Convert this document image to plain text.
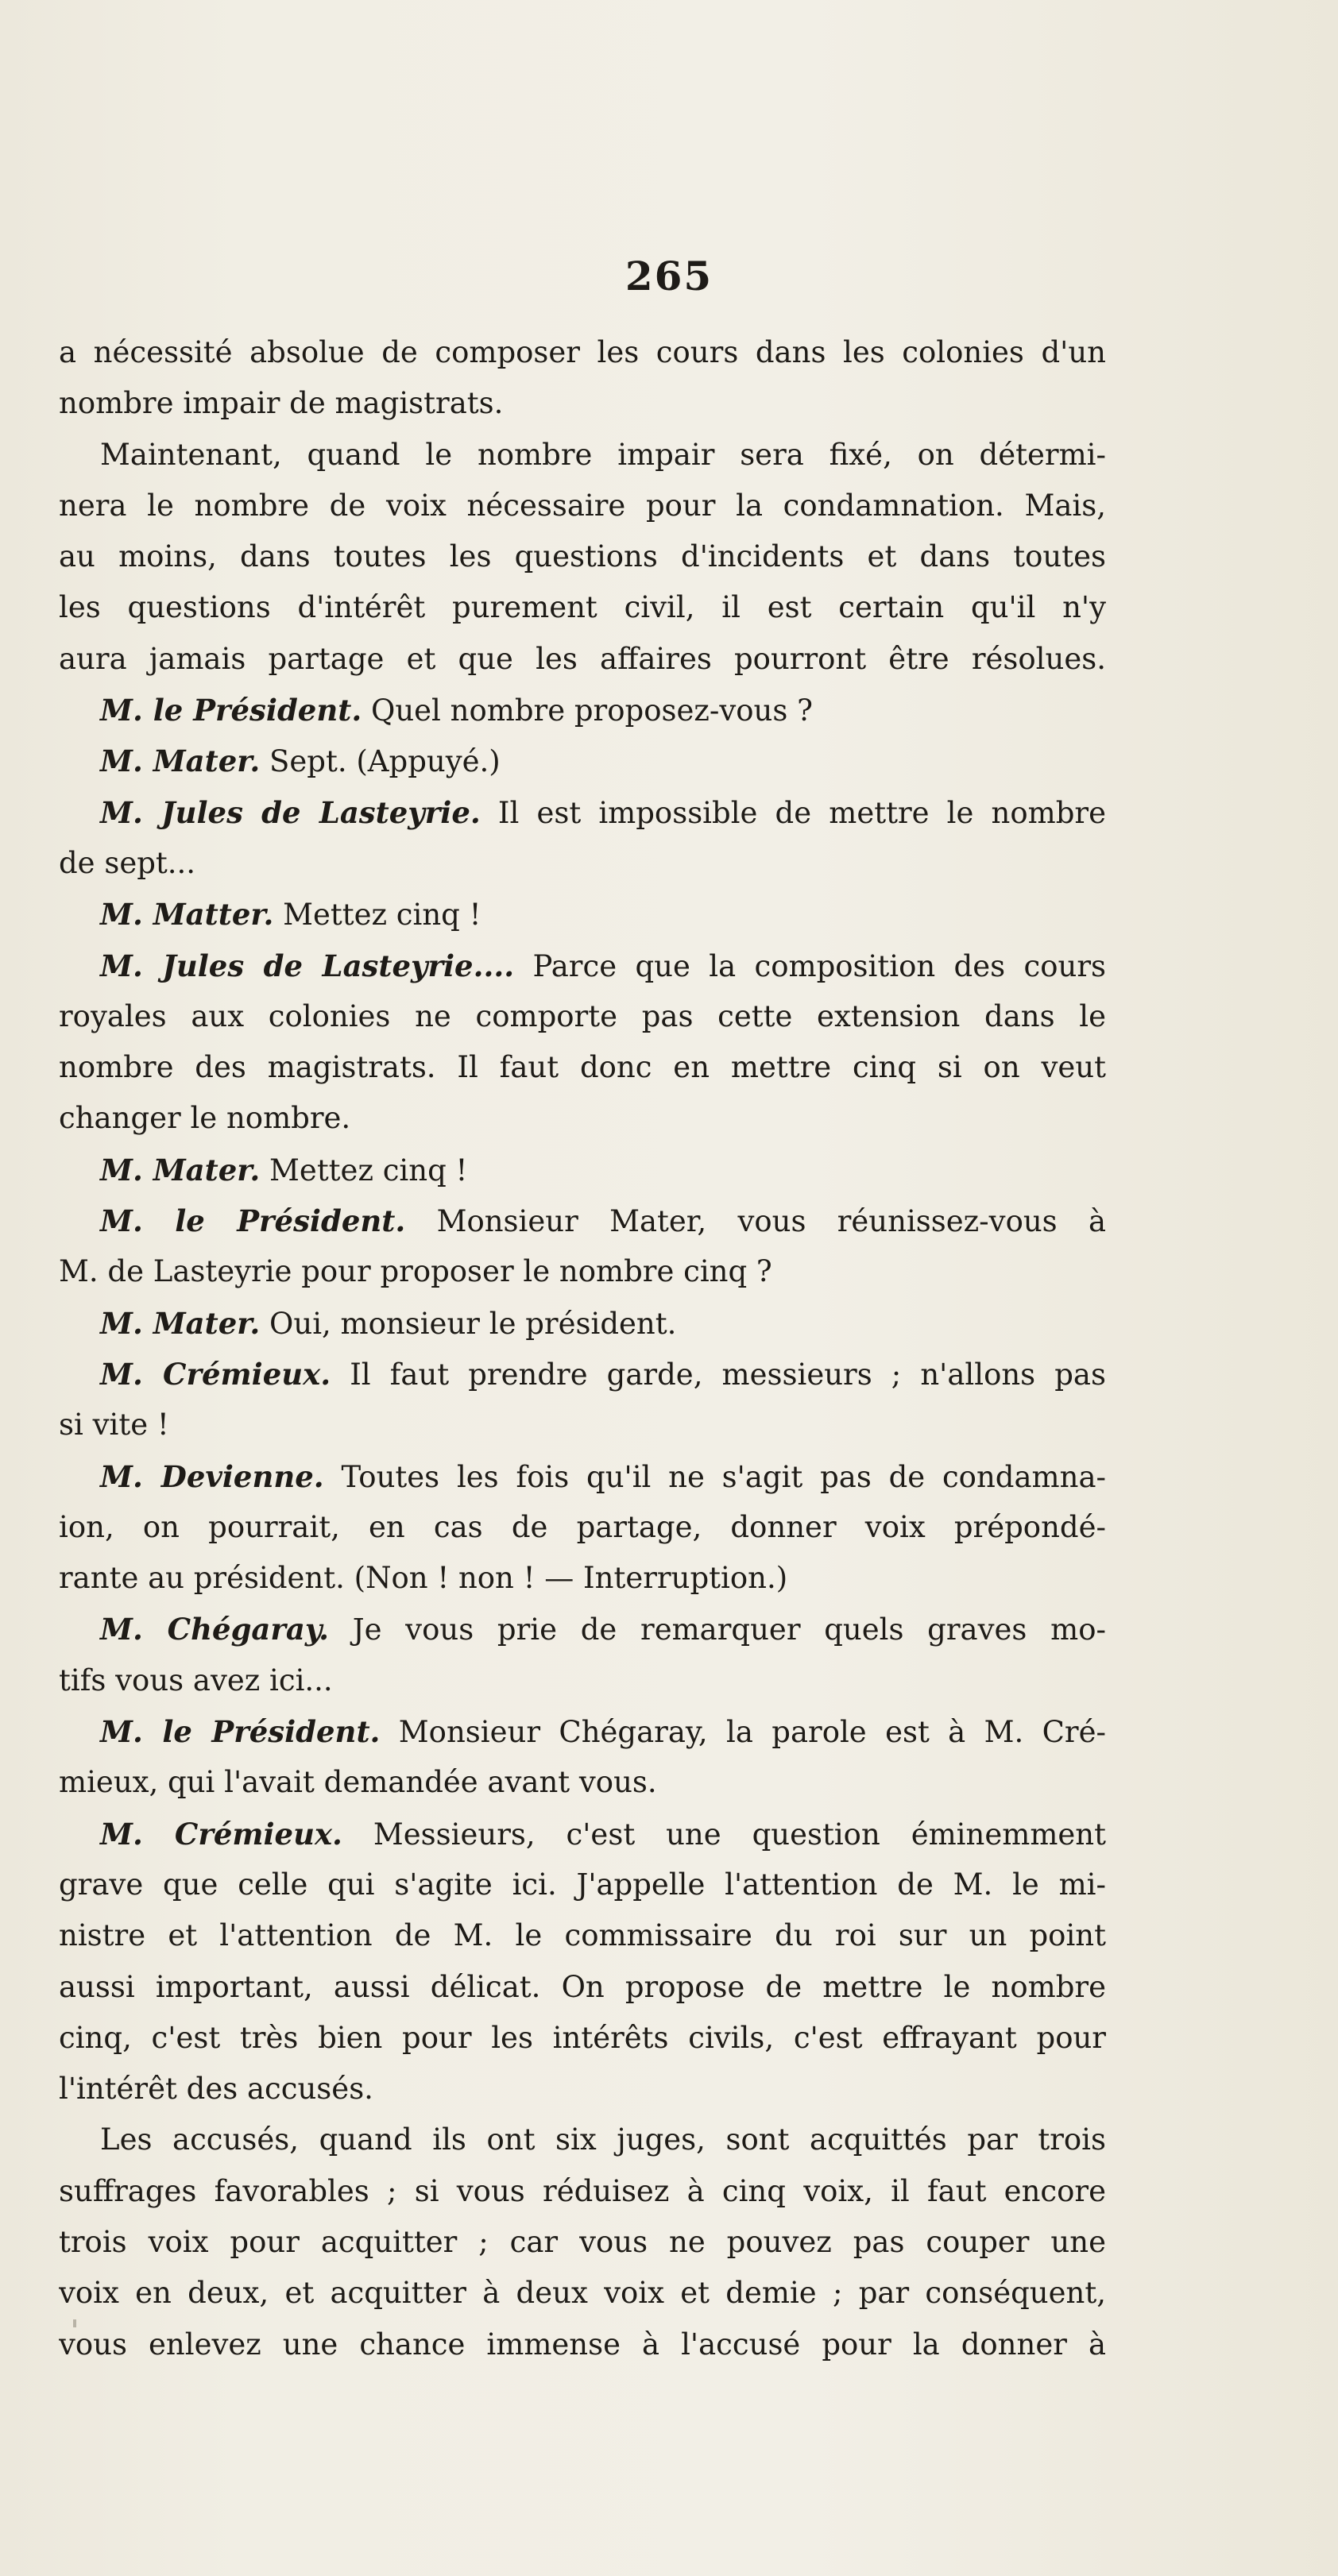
265
a nécessité absolue de composer les cours dans les colonies d'un
nombre impair de magistrats.
Maintenant, quand le nombre impair sera fixé, on détermi-
nera le nombre de voix nécessaire pour la condamnation. Mais,
au moins, dans toutes les questions d'incidents et dans toutes
les questions d'intérêt purement civil, il est certain qu'il n'y
aura jamais partage et que les affaires pourront être résolues.
M. le Président. Quel nombre proposez-vous ?
M. Mater. Sept. (Appuyé.)
M. Jules de Lasteyrie. Il est impossible de mettre le nombre
de sept...
M. Matter. Mettez cinq !
M. Jules de Lasteyrie.... Parce que la composition des cours
royales aux colonies ne comporte pas cette extension dans le
nombre des magistrats. Il faut donc en mettre cinq si on veut
changer le nombre.
M. Mater. Mettez cinq !
M. le Président. Monsieur Mater, vous réunissez-vous à
M. de Lasteyrie pour proposer le nombre cinq ?
M. Mater. Oui, monsieur le président.
M. Crémieux. Il faut prendre garde, messieurs ; n'allons pas
si vite !
M. Devienne. Toutes les fois qu'il ne s'agit pas de condamna-
ion, on pourrait, en cas de partage, donner voix prépondé-
rante au président. (Non ! non ! — Interruption.)
M. Chégaray. Je vous prie de remarquer quels graves mo-
tifs vous avez ici...
M. le Président. Monsieur Chégaray, la parole est à M. Cré-
mieux, qui l'avait demandée avant vous.
M. Crémieux. Messieurs, c'est une question éminemment
grave que celle qui s'agite ici. J'appelle l'attention de M. le mi-
nistre et l'attention de M. le commissaire du roi sur un point
aussi important, aussi délicat. On propose de mettre le nombre
cinq, c'est très bien pour les intérêts civils, c'est effrayant pour
l'intérêt des accusés.
Les accusés, quand ils ont six juges, sont acquittés par trois
suffrages favorables ; si vous réduisez à cinq voix, il faut encore
trois voix pour acquitter ; car vous ne pouvez pas couper une
voix en deux, et acquitter à deux voix et demie ; par conséquent,
vous enlevez une chance immense à l'accusé pour la donner à
